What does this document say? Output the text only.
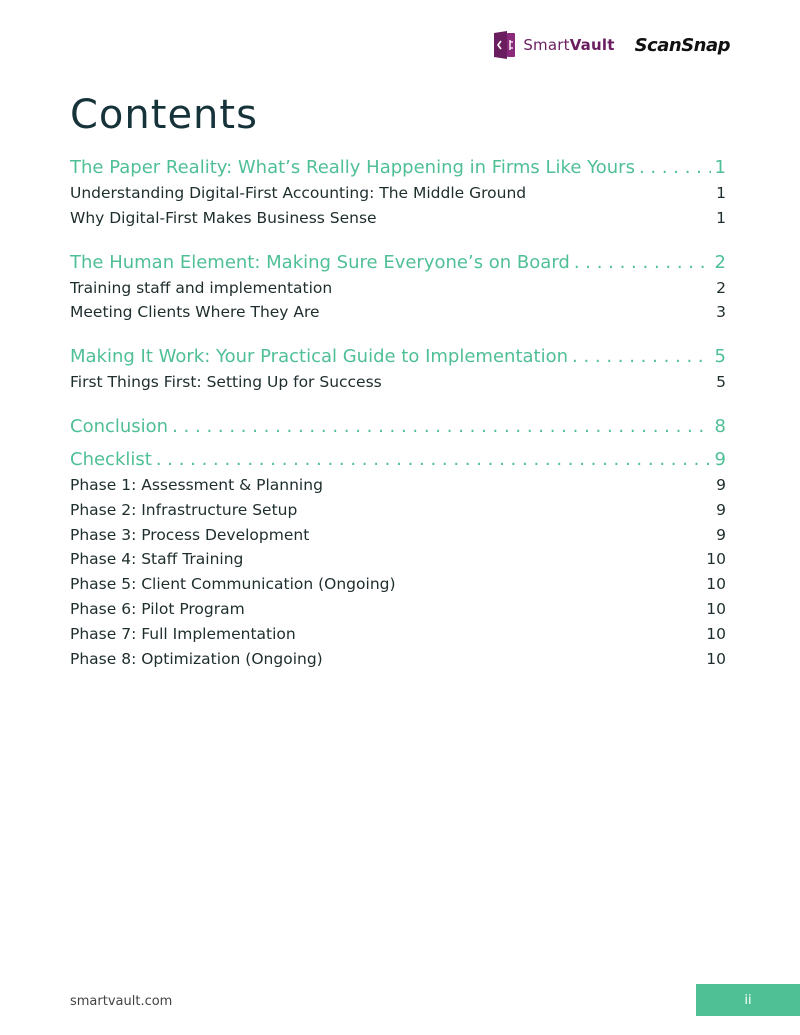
SmartVault ScanSnap
Contents
The Paper Reality: What’s Really Happening in Firms Like Yours . . .	1
Understanding Digital-First Accounting: The Middle Ground	1
Why Digital-First Makes Business Sense	1
The Human Element: Making Sure Everyone’s on Board . . .	2
Training staff and implementation	2
Meeting Clients Where They Are	3
Making It Work: Your Practical Guide to Implementation . . .	5
First Things First: Setting Up for Success	5
Conclusion . . .	8
Checklist . . .	9
Phase 1: Assessment & Planning	9
Phase 2: Infrastructure Setup	9
Phase 3: Process Development	9
Phase 4: Staff Training	10
Phase 5: Client Communication (Ongoing)	10
Phase 6: Pilot Program	10
Phase 7: Full Implementation	10
Phase 8: Optimization (Ongoing)	10
smartvault.com	ii
